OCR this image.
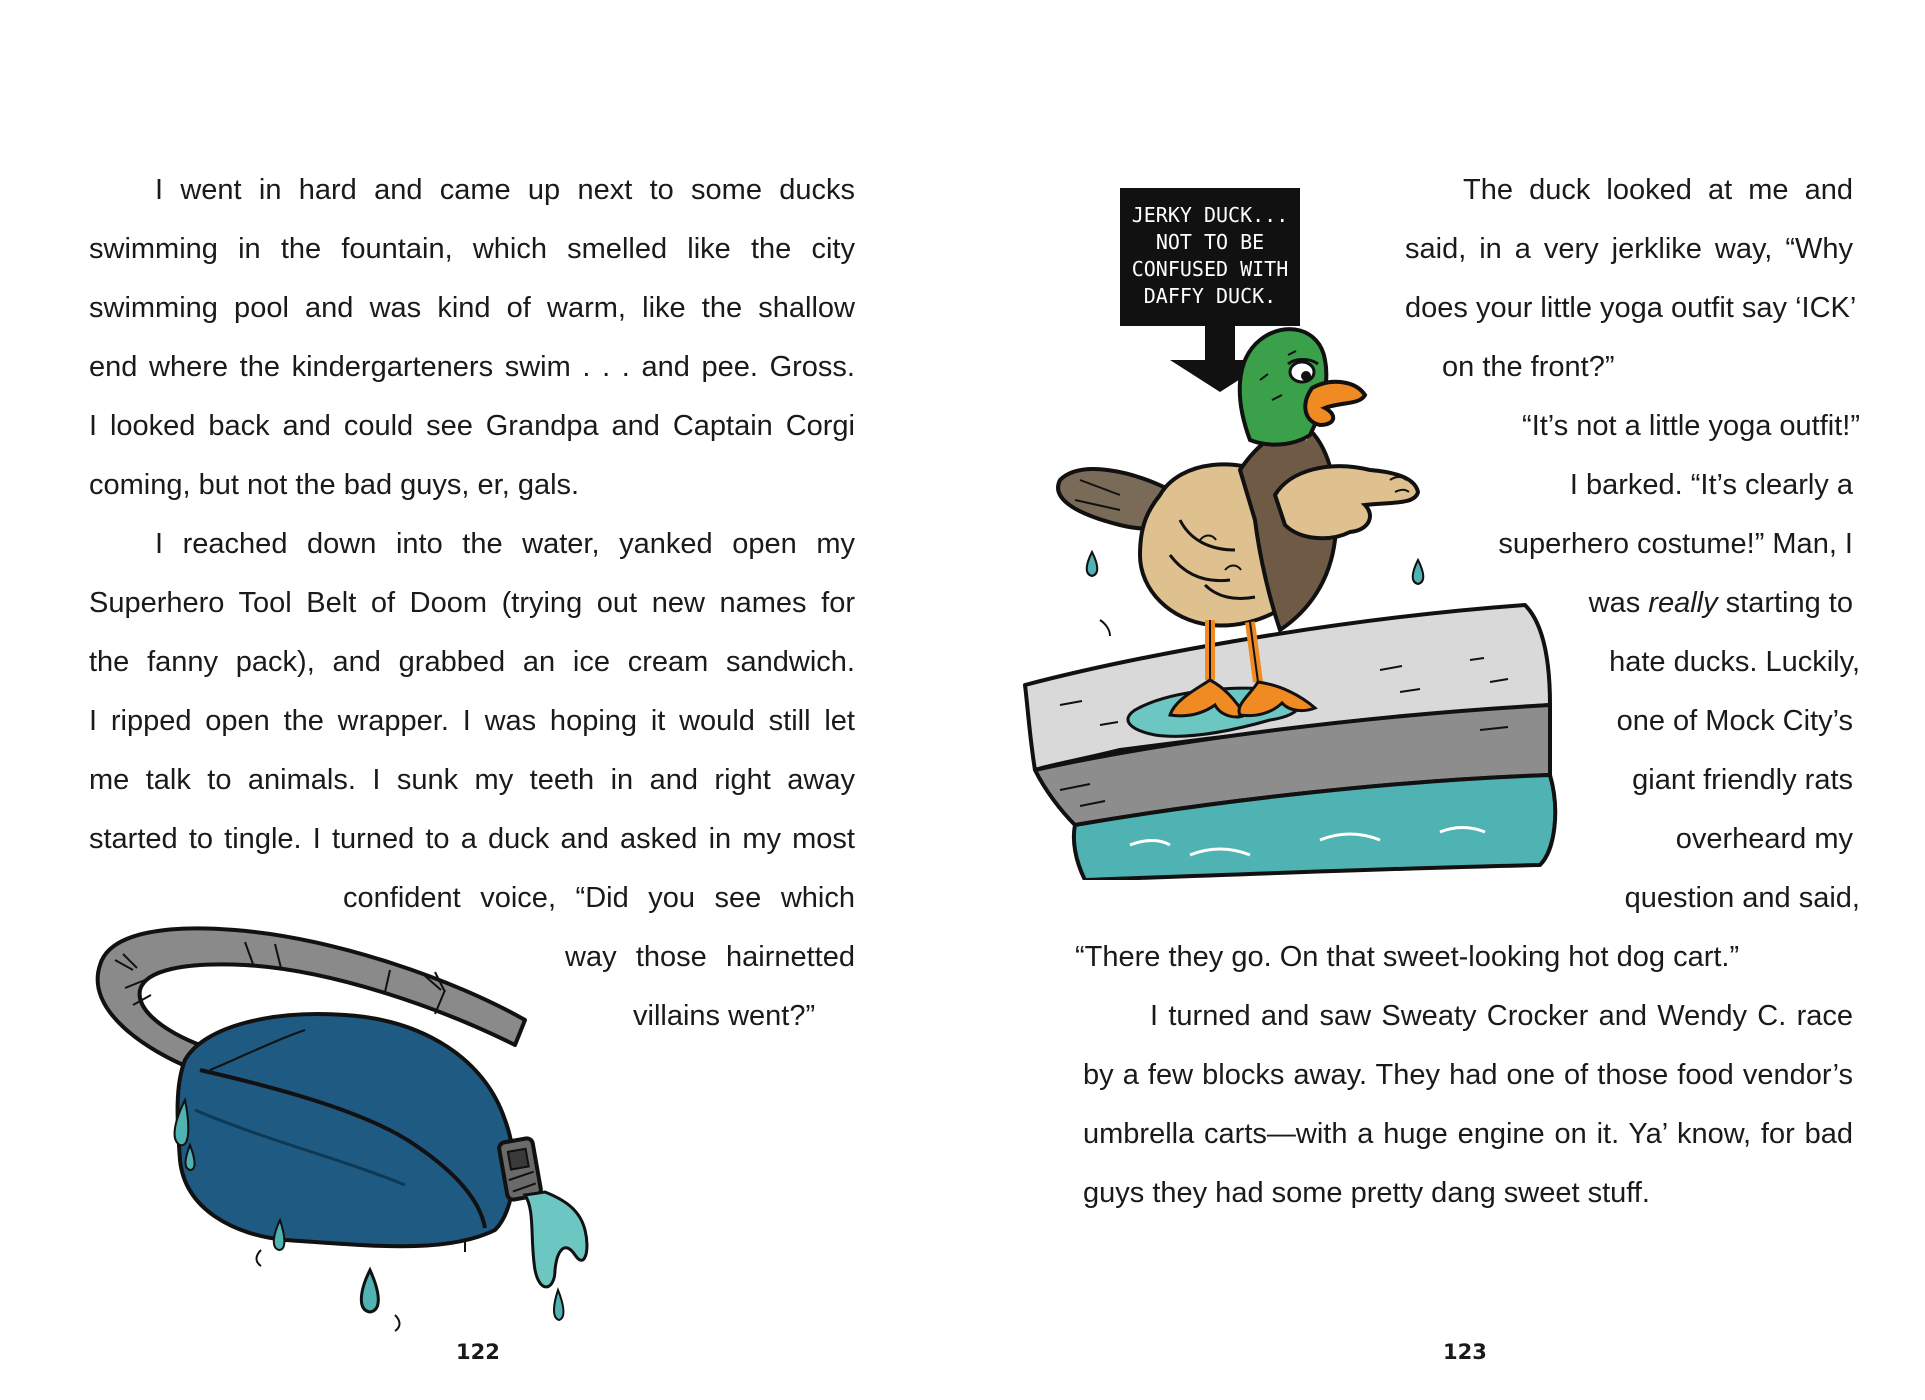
I went in hard and came up next to some ducks
swimming in the fountain, which smelled like the city
swimming pool and was kind of warm, like the shallow
end where the kindergarteners swim . . . and pee. Gross.
I looked back and could see Grandpa and Captain Corgi
coming, but not the bad guys, er, gals.
I reached down into the water, yanked open my
Superhero Tool Belt of Doom (trying out new names for
the fanny pack), and grabbed an ice cream sandwich.
I ripped open the wrapper. I was hoping it would still let
me talk to animals. I sunk my teeth in and right away
started to tingle. I turned to a duck and asked in my most
confident voice, “Did you see which
way those hairnetted
villains went?”
122
The duck looked at me and
said, in a very jerklike way, “Why
does your little yoga outfit say ‘ICK’
on the front?”
“It’s not a little yoga outfit!”
I barked. “It’s clearly a
superhero costume!” Man, I
was really starting to
hate ducks. Luckily,
one of Mock City’s
giant friendly rats
overheard my
question and said,
“There they go. On that sweet-looking hot dog cart.”
I turned and saw Sweaty Crocker and Wendy C. race
by a few blocks away. They had one of those food vendor’s
umbrella carts—with a huge engine on it. Ya’ know, for bad
guys they had some pretty dang sweet stuff.
JERKY DUCK...
NOT TO BE
CONFUSED WITH
DAFFY DUCK.
123
